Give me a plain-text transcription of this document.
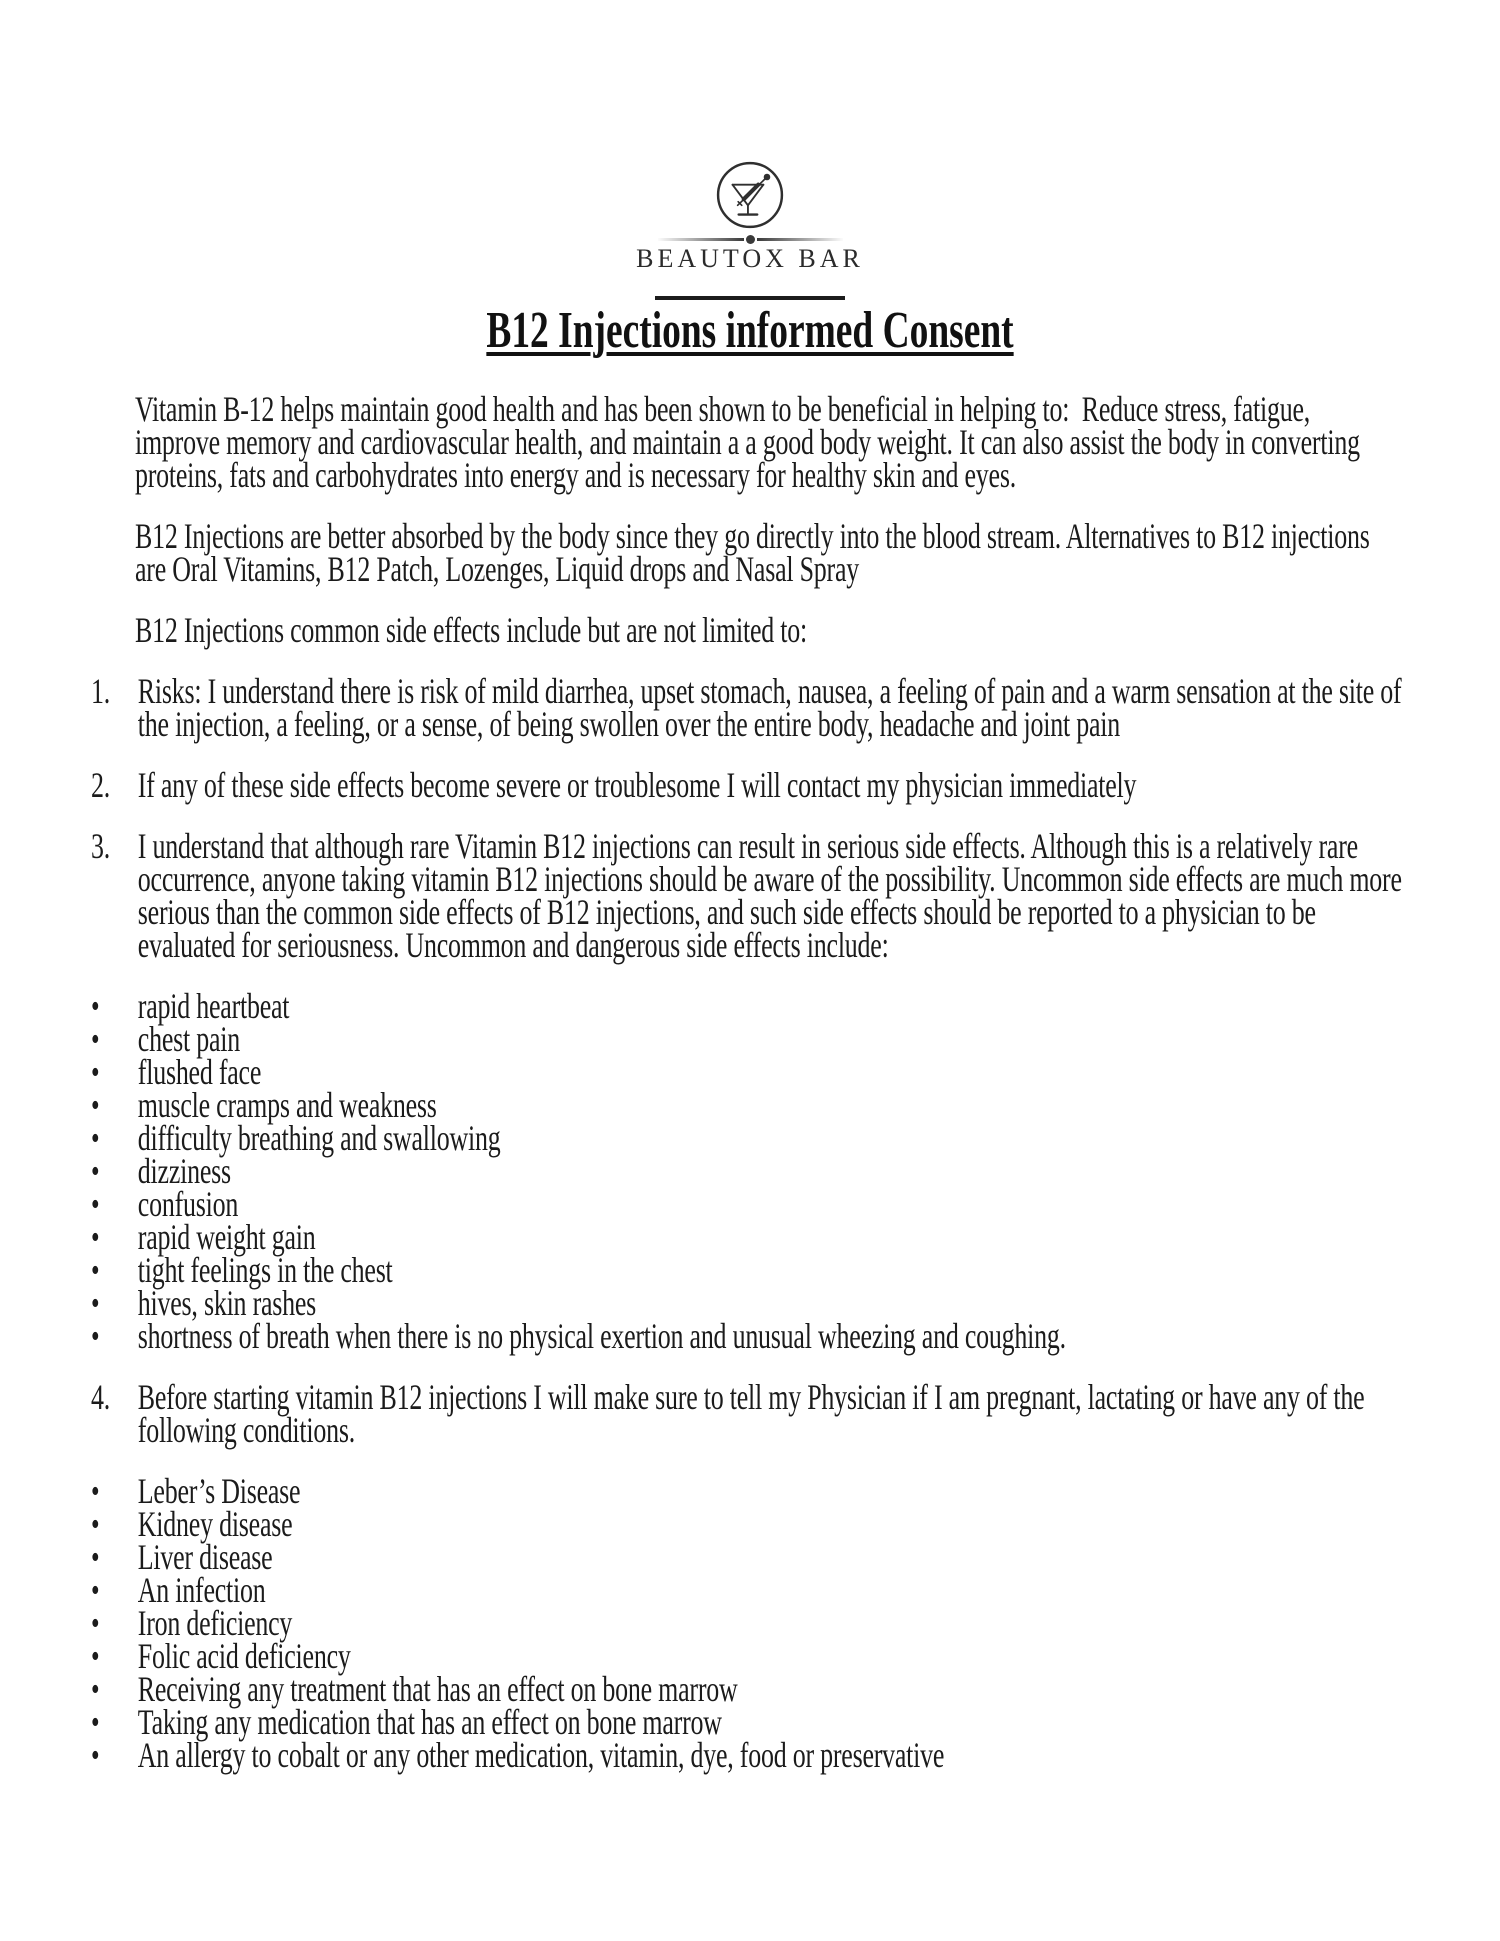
BEAUTOX BAR
B12 Injections informed Consent

Vitamin B-12 helps maintain good health and has been shown to be beneficial in helping to:  Reduce stress, fatigue, improve memory and cardiovascular health, and maintain a a good body weight. It can also assist the body in converting proteins, fats and carbohydrates into energy and is necessary for healthy skin and eyes.

B12 Injections are better absorbed by the body since they go directly into the blood stream. Alternatives to B12 injections are Oral Vitamins, B12 Patch, Lozenges, Liquid drops and Nasal Spray

B12 Injections common side effects include but are not limited to:

1. Risks: I understand there is risk of mild diarrhea, upset stomach, nausea, a feeling of pain and a warm sensation at the site of the injection, a feeling, or a sense, of being swollen over the entire body, headache and joint pain
2. If any of these side effects become severe or troublesome I will contact my physician immediately
3. I understand that although rare Vitamin B12 injections can result in serious side effects. Although this is a relatively rare occurrence, anyone taking vitamin B12 injections should be aware of the possibility. Uncommon side effects are much more serious than the common side effects of B12 injections, and such side effects should be reported to a physician to be evaluated for seriousness. Uncommon and dangerous side effects include:
•	rapid heartbeat
•	chest pain
•	flushed face
•	muscle cramps and weakness
•	difficulty breathing and swallowing
•	dizziness
•	confusion
•	rapid weight gain
•	tight feelings in the chest
•	hives, skin rashes
•	shortness of breath when there is no physical exertion and unusual wheezing and coughing.
4. Before starting vitamin B12 injections I will make sure to tell my Physician if I am pregnant, lactating or have any of the following conditions.
•	Leber’s Disease
•	Kidney disease
•	Liver disease
•	An infection
•	Iron deficiency
•	Folic acid deficiency
•	Receiving any treatment that has an effect on bone marrow
•	Taking any medication that has an effect on bone marrow
•	An allergy to cobalt or any other medication, vitamin, dye, food or preservative
